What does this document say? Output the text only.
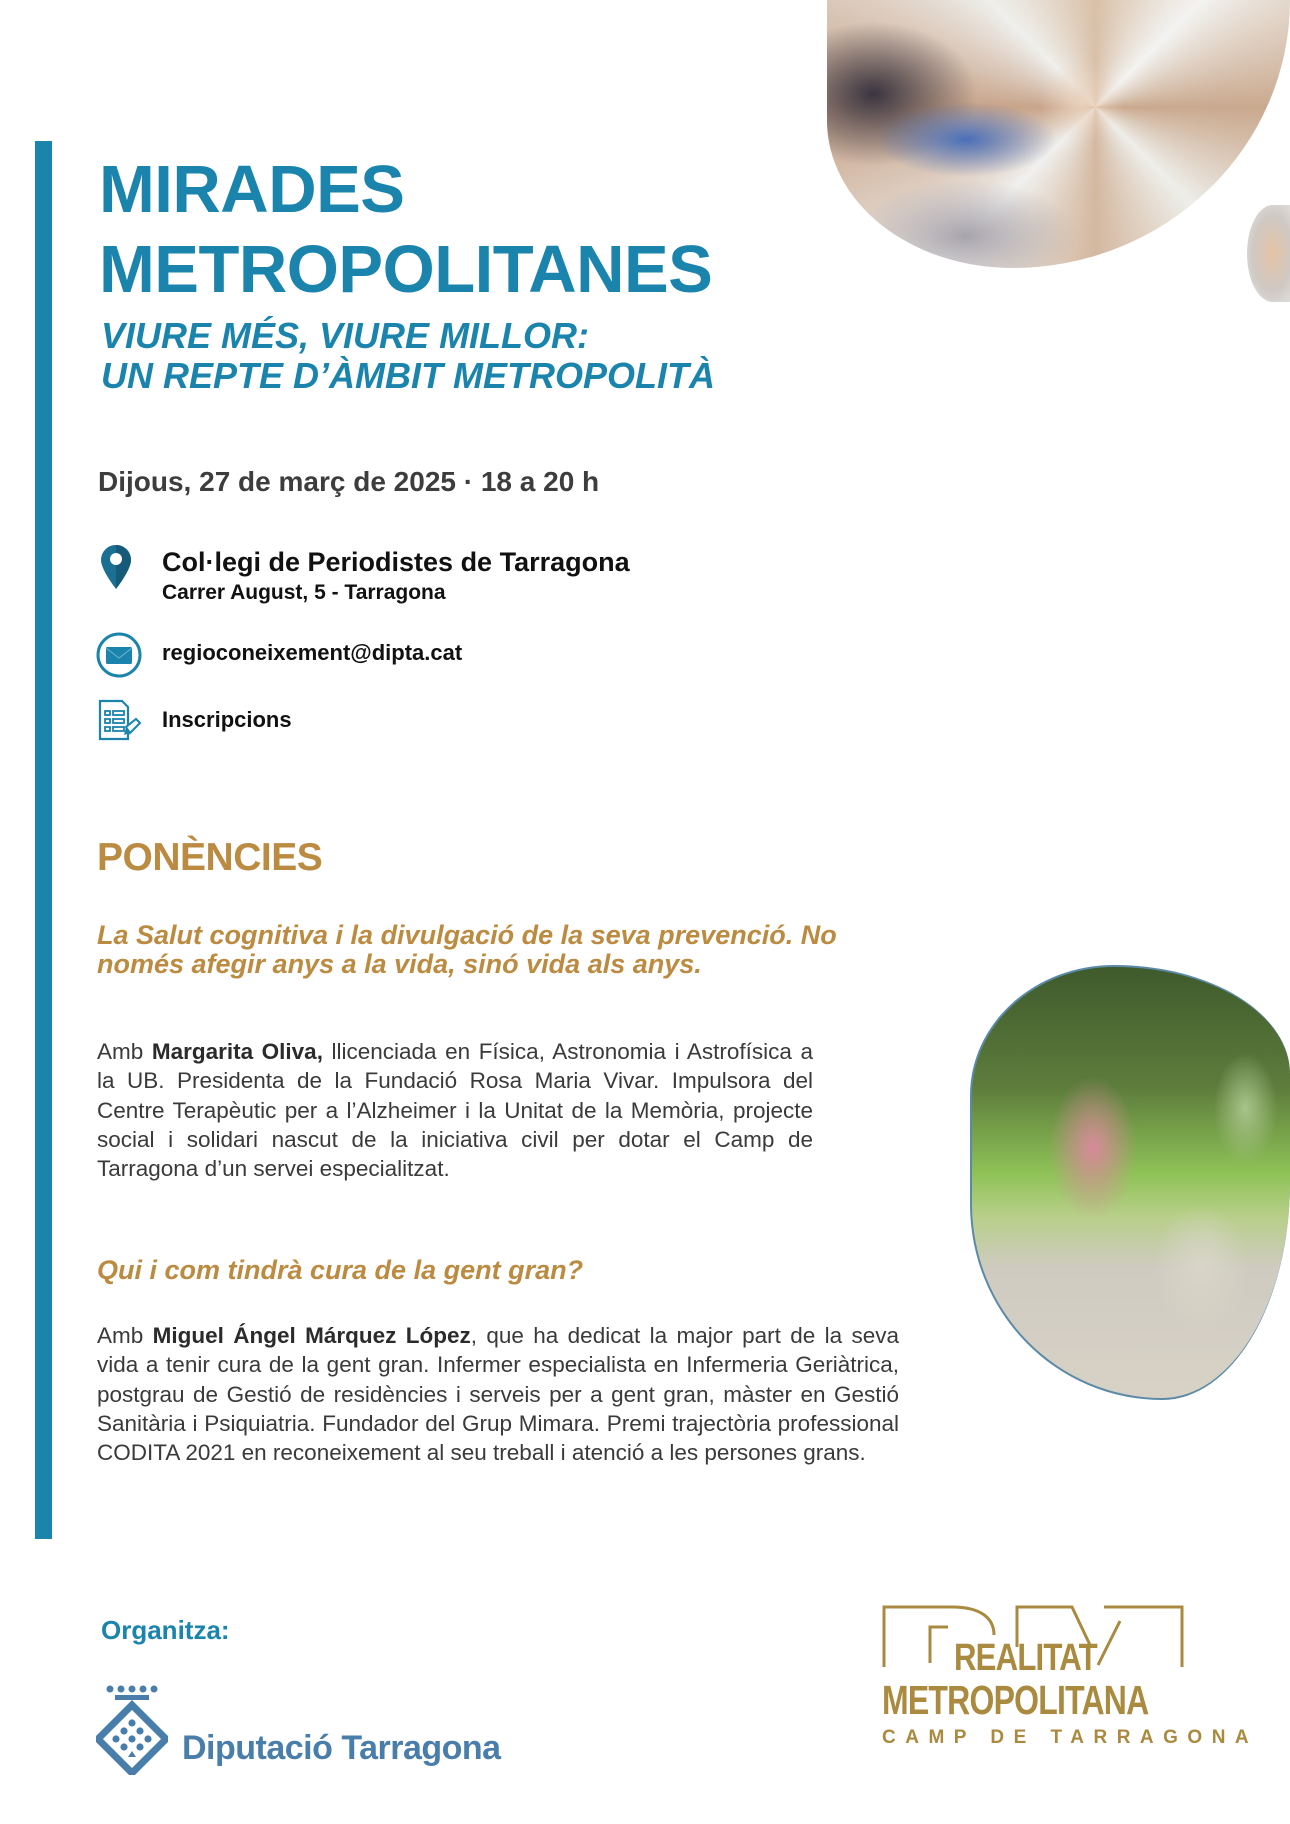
MIRADES
METROPOLITANES
VIURE MÉS, VIURE MILLOR:
UN REPTE D’ÀMBIT METROPOLITÀ
Dijous, 27 de març de 2025 · 18 a 20 h
Col·legi de Periodistes de Tarragona
Carrer August, 5 - Tarragona
regioconeixement@dipta.cat
Inscripcions
PONÈNCIES
La Salut cognitiva i la divulgació de la seva prevenció. No només afegir anys a la vida, sinó vida als anys.

Amb Margarita Oliva, llicenciada en Física, Astronomia i Astrofísica a la UB. Presidenta de la Fundació Rosa Maria Vivar. Impulsora del Centre Terapèutic per a l’Alzheimer i la Unitat de la Memòria, projecte social i solidari nascut de la iniciativa civil per dotar el Camp de Tarragona d’un servei especialitzat.

Qui i com tindrà cura de la gent gran?

Amb Miguel Ángel Márquez López, que ha dedicat la major part de la seva vida a tenir cura de la gent gran. Infermer especialista en Infermeria Geriàtrica, postgrau de Gestió de residències i serveis per a gent gran, màster en Gestió Sanitària i Psiquiatria. Fundador del Grup Mimara. Premi trajectòria professional CODITA 2021 en reconeixement al seu treball i atenció a les persones grans.

Organitza:
Diputació Tarragona
REALITAT
METROPOLITANA
CAMP DE TARRAGONA
